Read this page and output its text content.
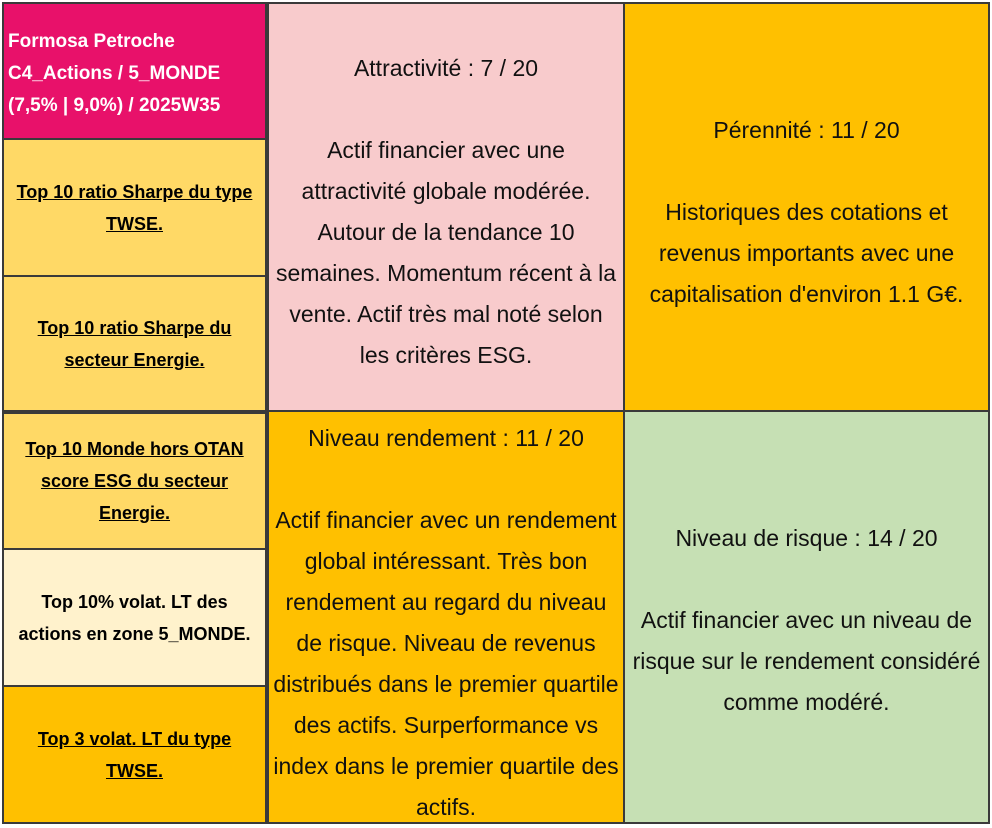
Formosa Petroche
C4_Actions / 5_MONDE
(7,5% | 9,0%) / 2025W35
Top 10 ratio Sharpe du type TWSE.
Top 10 ratio Sharpe du secteur Energie.
Top 10 Monde hors OTAN score ESG du secteur Energie.
Top 10% volat. LT des actions en zone 5_MONDE.
Top 3 volat. LT du type TWSE.
Attractivité : 7 / 20
Actif financier avec une attractivité globale modérée. Autour de la tendance 10 semaines. Momentum récent à la vente. Actif très mal noté selon les critères ESG.
Pérennité : 11 / 20
Historiques des cotations et revenus importants avec une capitalisation d'environ 1.1 G€.
Niveau rendement : 11 / 20
Actif financier avec un rendement global intéressant. Très bon rendement au regard du niveau de risque. Niveau de revenus distribués dans le premier quartile des actifs. Surperformance vs index dans le premier quartile des actifs.
Niveau de risque : 14 / 20
Actif financier avec un niveau de risque sur le rendement considéré comme modéré.
